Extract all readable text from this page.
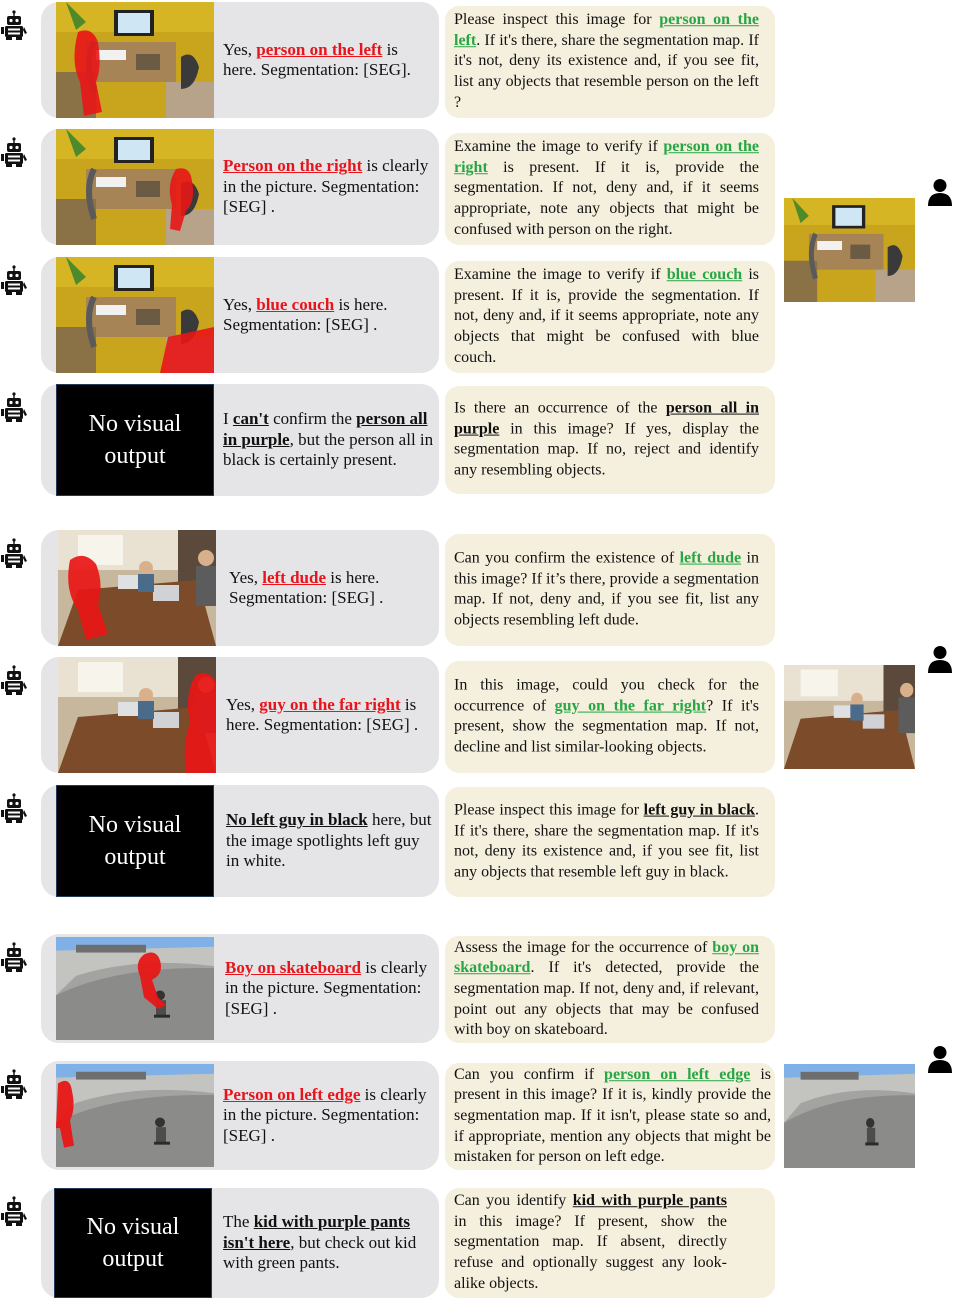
Yes, person on the left is here. Segmentation: [SEG].

Please inspect this image for person on the left. If it's there, share the segmentation map. If it's not, deny its existence and, if you see fit, list any objects that resemble person on the left ?

Person on the right is clearly in the picture. Segmentation: [SEG] .

Examine the image to verify if person on the right is present. If it is, provide the segmentation. If not, deny and, if it seems appropriate, note any objects that might be confused with person on the right.

Yes, blue couch is here. Segmentation: [SEG] .

Examine the image to verify if blue couch is present. If it is, provide the segmentation. If not, deny and, if it seems appropriate, note any objects that might be confused with blue couch.

No visual output

I can't confirm the person all in purple, but the person all in black is certainly present.

Is there an occurrence of the person all in purple in this image? If yes, display the segmentation map. If no, reject and identify any resembling objects.

Yes, left dude is here. Segmentation: [SEG] .

Can you confirm the existence of left dude in this image? If it’s there, provide a segmentation map. If not, deny and, if you see fit, list any objects resembling left dude.

Yes, guy on the far right is here. Segmentation: [SEG] .

In this image, could you check for the occurrence of guy on the far right? If it's present, show the segmentation map. If not, decline and list similar-looking objects.

No visual output

No left guy in black here, but the image spotlights left guy in white.

Please inspect this image for left guy in black. If it's there, share the segmentation map. If it's not, deny its existence and, if you see fit, list any objects that resemble left guy in black.

Boy on skateboard is clearly in the picture. Segmentation: [SEG] .

Assess the image for the occurrence of boy on skateboard. If it's detected, provide the segmentation map. If not, deny and, if relevant, point out any objects that may be confused with boy on skateboard.

Person on left edge is clearly in the picture. Segmentation: [SEG] .

Can you confirm if person on left edge is present in this image? If it is, kindly provide the segmentation map. If it isn't, please state so and, if appropriate, mention any objects that might be mistaken for person on left edge.

No visual output

The kid with purple pants isn't here, but check out kid with green pants.

Can you identify kid with purple pants in this image? If present, show the segmentation map. If absent, directly refuse and optionally suggest any look-alike objects.
